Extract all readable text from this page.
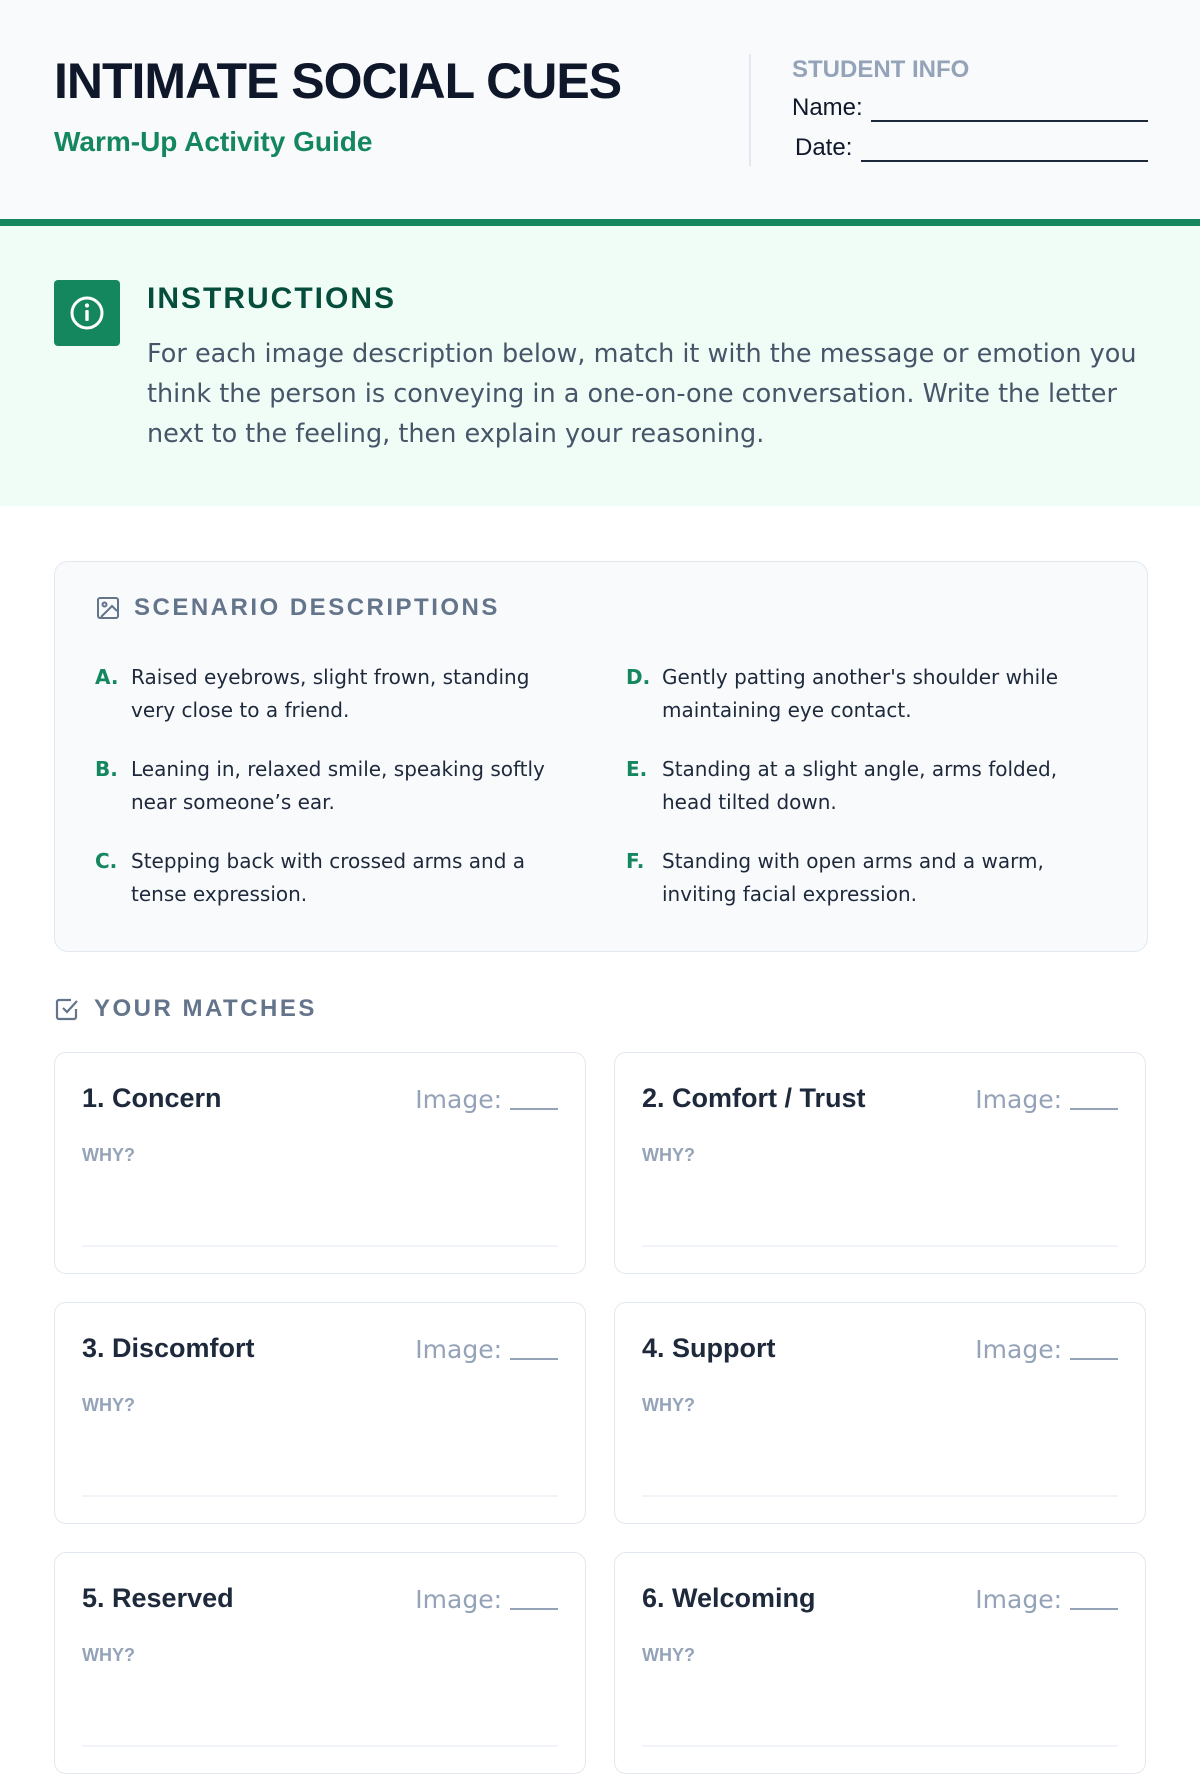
INTIMATE SOCIAL CUES
Warm-Up Activity Guide
STUDENT INFO
Name:
Date:
INSTRUCTIONS
For each image description below, match it with the message or emotion you think the person is conveying in a one-on-one conversation. Write the letter next to the feeling, then explain your reasoning.
SCENARIO DESCRIPTIONS
A. Raised eyebrows, slight frown, standing very close to a friend.
B. Leaning in, relaxed smile, speaking softly near someone’s ear.
C. Stepping back with crossed arms and a tense expression.
D. Gently patting another's shoulder while maintaining eye contact.
E. Standing at a slight angle, arms folded, head tilted down.
F. Standing with open arms and a warm, inviting facial expression.
YOUR MATCHES
1. Concern	Image:
WHY?
2. Comfort / Trust	Image:
WHY?
3. Discomfort	Image:
WHY?
4. Support	Image:
WHY?
5. Reserved	Image:
WHY?
6. Welcoming	Image:
WHY?
